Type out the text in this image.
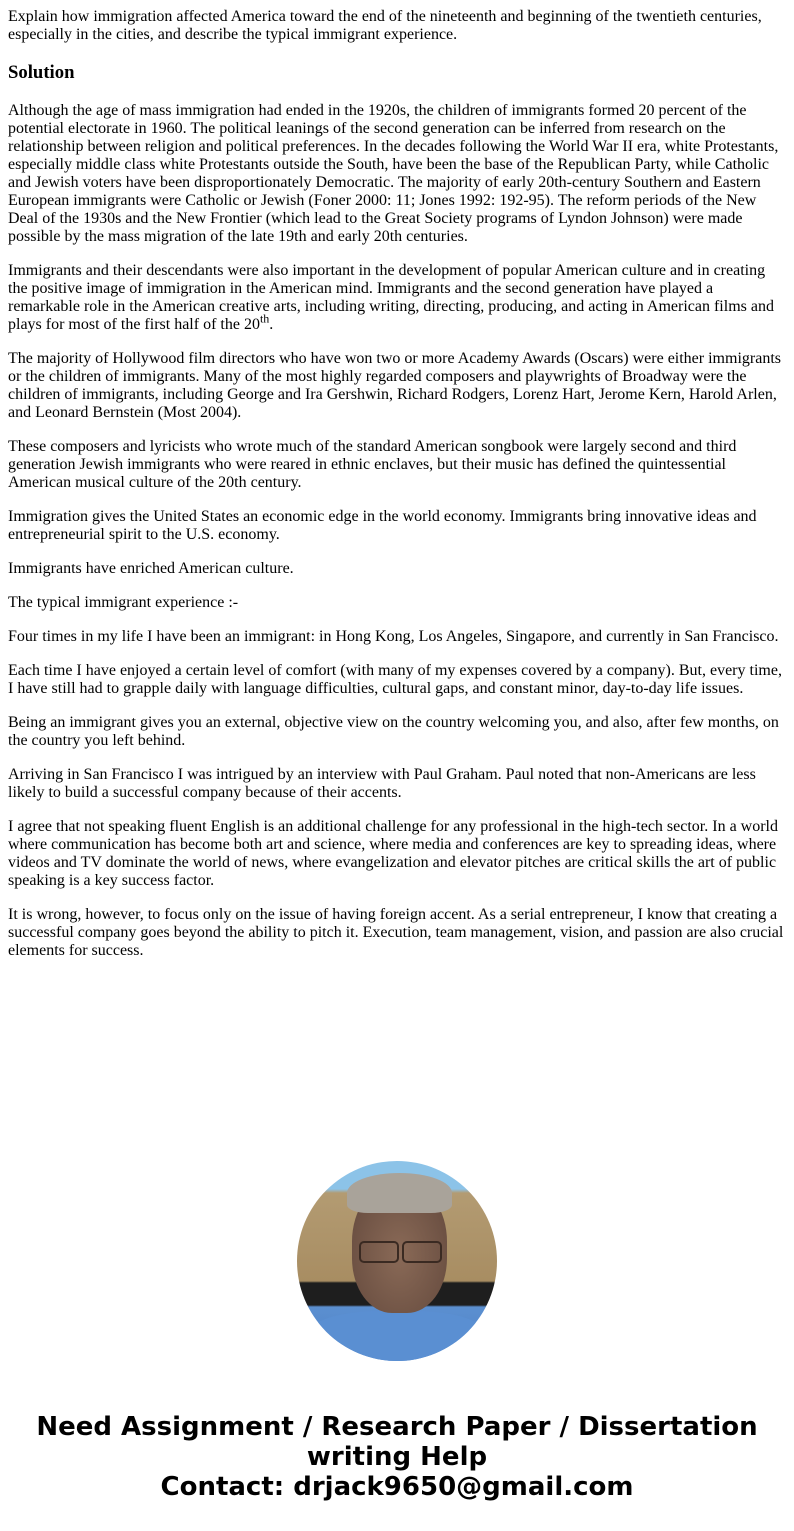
Explain how immigration affected America toward the end of the nineteenth and beginning of the twentieth centuries, especially in the cities, and describe the typical immigrant experience.

Solution

Although the age of mass immigration had ended in the 1920s, the children of immigrants formed 20 percent of the potential electorate in 1960. The political leanings of the second generation can be inferred from research on the relationship between religion and political preferences. In the decades following the World War II era, white Protestants, especially middle class white Protestants outside the South, have been the base of the Republican Party, while Catholic and Jewish voters have been disproportionately Democratic. The majority of early 20th-century Southern and Eastern European immigrants were Catholic or Jewish (Foner 2000: 11; Jones 1992: 192-95). The reform periods of the New Deal of the 1930s and the New Frontier (which lead to the Great Society programs of Lyndon Johnson) were made possible by the mass migration of the late 19th and early 20th centuries.

Immigrants and their descendants were also important in the development of popular American culture and in creating the positive image of immigration in the American mind. Immigrants and the second generation have played a remarkable role in the American creative arts, including writing, directing, producing, and acting in American films and plays for most of the first half of the 20th.

The majority of Hollywood film directors who have won two or more Academy Awards (Oscars) were either immigrants or the children of immigrants. Many of the most highly regarded composers and playwrights of Broadway were the children of immigrants, including George and Ira Gershwin, Richard Rodgers, Lorenz Hart, Jerome Kern, Harold Arlen, and Leonard Bernstein (Most 2004).

These composers and lyricists who wrote much of the standard American songbook were largely second and third generation Jewish immigrants who were reared in ethnic enclaves, but their music has defined the quintessential American musical culture of the 20th century.

Immigration gives the United States an economic edge in the world economy. Immigrants bring innovative ideas and entrepreneurial spirit to the U.S. economy.

Immigrants have enriched American culture.

The typical immigrant experience :-

Four times in my life I have been an immigrant: in Hong Kong, Los Angeles, Singapore, and currently in San Francisco.

Each time I have enjoyed a certain level of comfort (with many of my expenses covered by a company). But, every time, I have still had to grapple daily with language difficulties, cultural gaps, and constant minor, day-to-day life issues.

Being an immigrant gives you an external, objective view on the country welcoming you, and also, after few months, on the country you left behind.

Arriving in San Francisco I was intrigued by an interview with Paul Graham. Paul noted that non-Americans are less likely to build a successful company because of their accents.

I agree that not speaking fluent English is an additional challenge for any professional in the high-tech sector. In a world where communication has become both art and science, where media and conferences are key to spreading ideas, where videos and TV dominate the world of news, where evangelization and elevator pitches are critical skills the art of public speaking is a key success factor.

It is wrong, however, to focus only on the issue of having foreign accent. As a serial entrepreneur, I know that creating a successful company goes beyond the ability to pitch it. Execution, team management, vision, and passion are also crucial elements for success.

Need Assignment / Research Paper / Dissertation
writing Help
Contact: drjack9650@gmail.com
